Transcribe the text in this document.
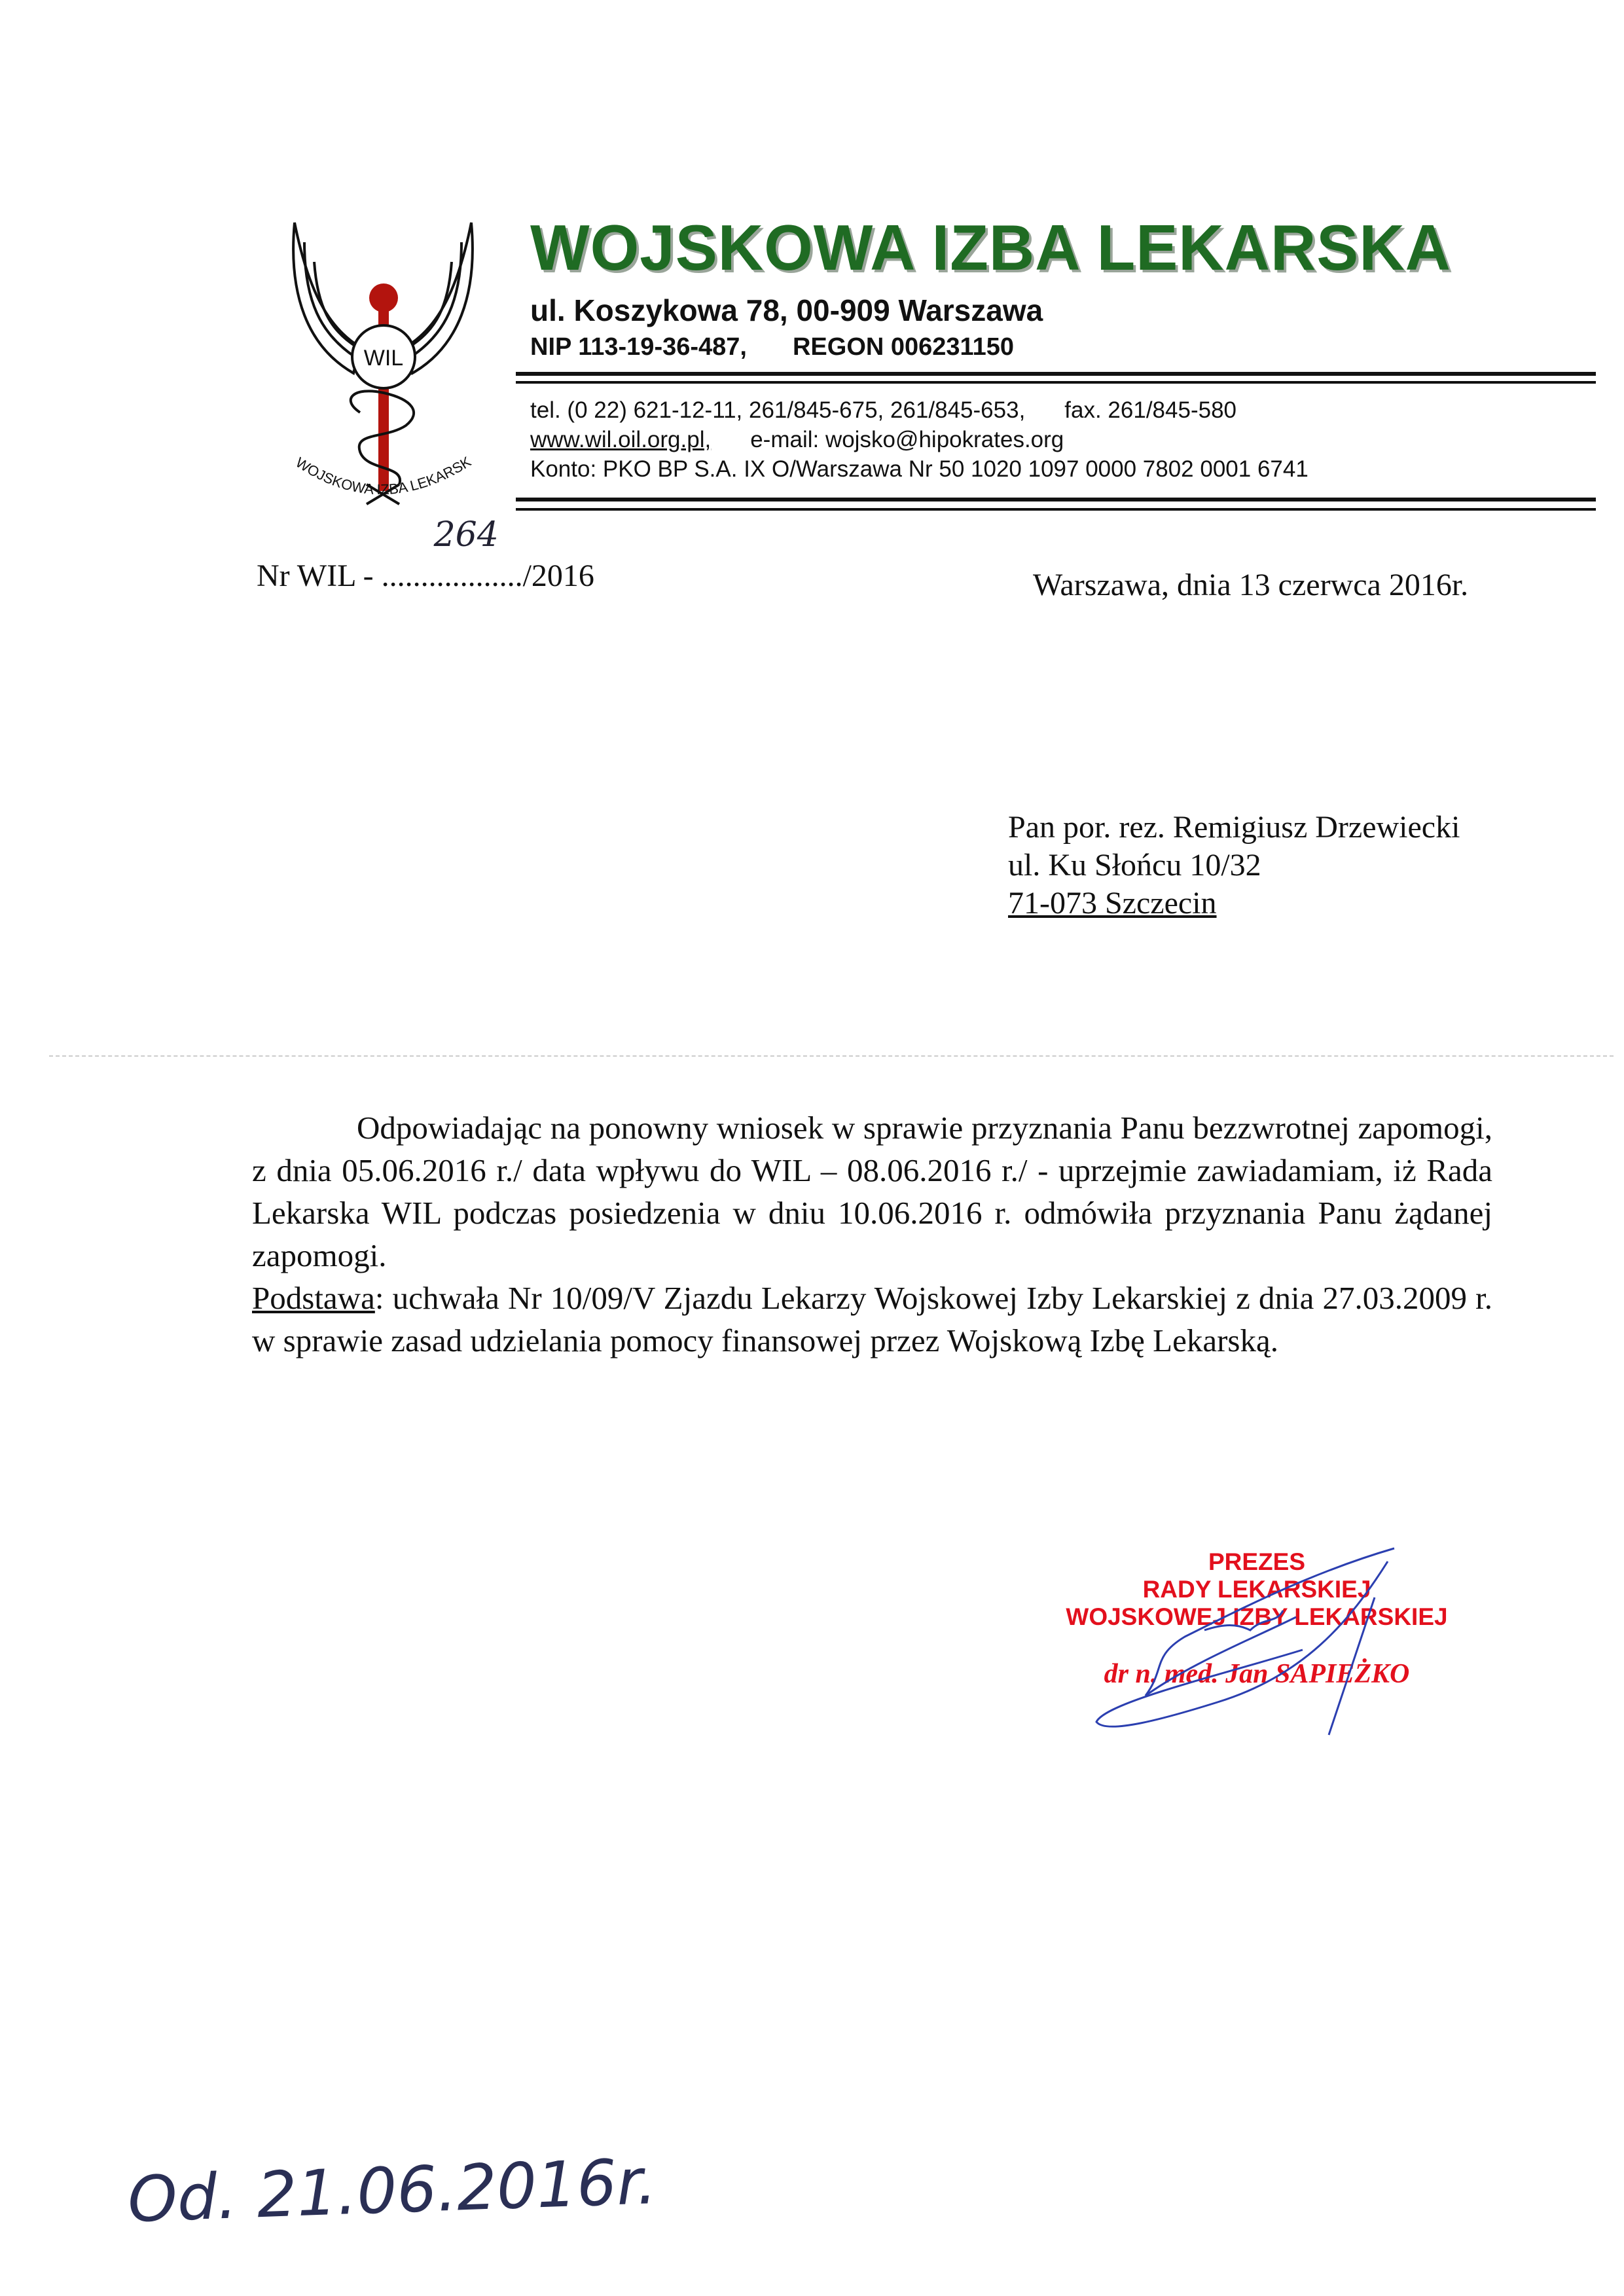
WIL
WOJSKOWA IZBA LEKARSK
WOJSKOWA IZBA LEKARSKA
ul. Koszykowa 78, 00-909 Warszawa
NIP 113-19-36-487, REGON 006231150
tel. (0 22) 621-12-11, 261/845-675, 261/845-653, fax. 261/845-580
www.wil.oil.org.pl, e-mail: wojsko@hipokrates.org
Konto: PKO BP S.A. IX O/Warszawa Nr 50 1020 1097 0000 7802 0001 6741
Nr WIL - ..................
264
/2016	Warszawa, dnia 13 czerwca 2016r.
Pan por. rez. Remigiusz Drzewiecki
ul. Ku Słońcu 10/32
71-073 Szczecin

Odpowiadając na ponowny wniosek w sprawie przyznania Panu bezzwrotnej zapomogi, z dnia 05.06.2016 r./ data wpływu do WIL – 08.06.2016 r./ - uprzejmie zawiadamiam, iż Rada Lekarska WIL podczas posiedzenia w dniu 10.06.2016 r. odmówiła przyznania Panu żądanej zapomogi.

Podstawa: uchwała Nr 10/09/V Zjazdu Lekarzy Wojskowej Izby Lekarskiej z dnia 27.03.2009 r. w sprawie zasad udzielania pomocy finansowej przez Wojskową Izbę Lekarską.

PREZES
RADY LEKARSKIEJ
WOJSKOWEJ IZBY LEKARSKIEJ
dr n. med. Jan SAPIEŻKO
Od. 21.06.2016r.
